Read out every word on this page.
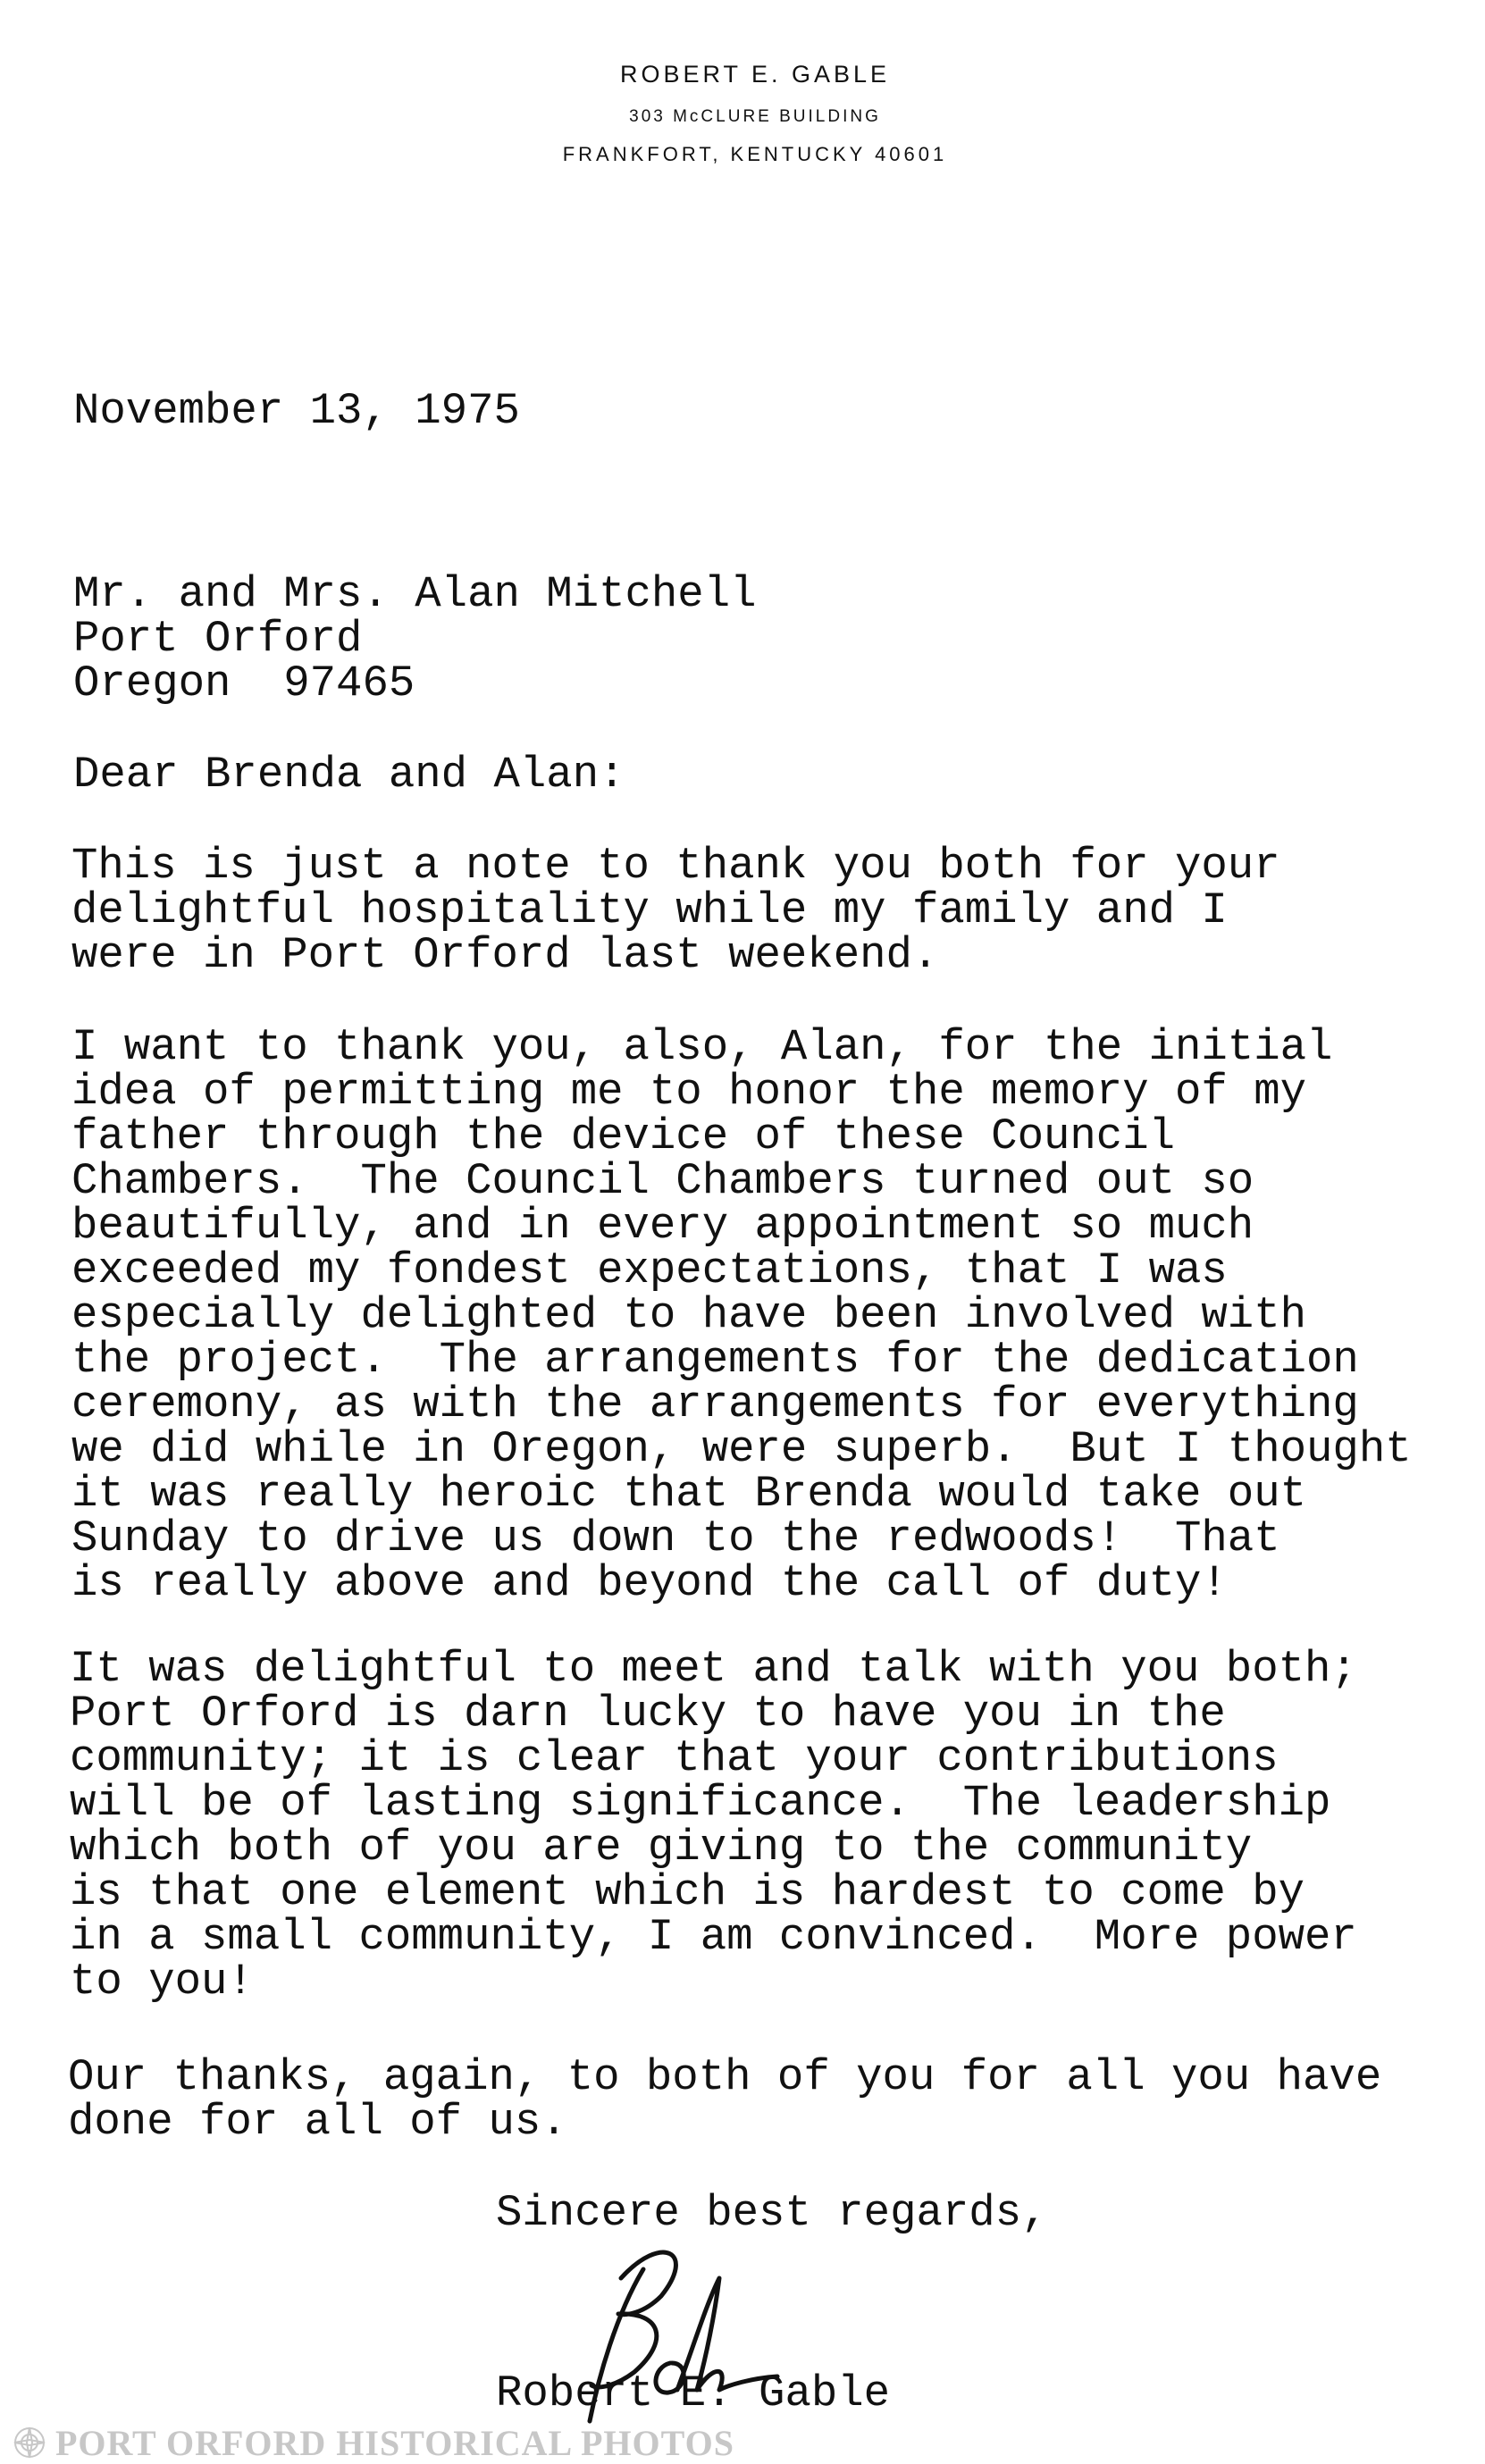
ROBERT E. GABLE
303 McCLURE BUILDING
FRANKFORT, KENTUCKY 40601
November 13, 1975
Mr. and Mrs. Alan Mitchell
Port Orford
Oregon  97465
Dear Brenda and Alan:
This is just a note to thank you both for your
delightful hospitality while my family and I
were in Port Orford last weekend.
I want to thank you, also, Alan, for the initial
idea of permitting me to honor the memory of my
father through the device of these Council
Chambers.  The Council Chambers turned out so
beautifully, and in every appointment so much
exceeded my fondest expectations, that I was
especially delighted to have been involved with
the project.  The arrangements for the dedication
ceremony, as with the arrangements for everything
we did while in Oregon, were superb.  But I thought
it was really heroic that Brenda would take out
Sunday to drive us down to the redwoods!  That
is really above and beyond the call of duty!
It was delightful to meet and talk with you both;
Port Orford is darn lucky to have you in the
community; it is clear that your contributions
will be of lasting significance.  The leadership
which both of you are giving to the community
is that one element which is hardest to come by
in a small community, I am convinced.  More power
to you!
Our thanks, again, to both of you for all you have
done for all of us.
Sincere best regards,
Robert E. Gable
PORT ORFORD HISTORICAL PHOTOS
